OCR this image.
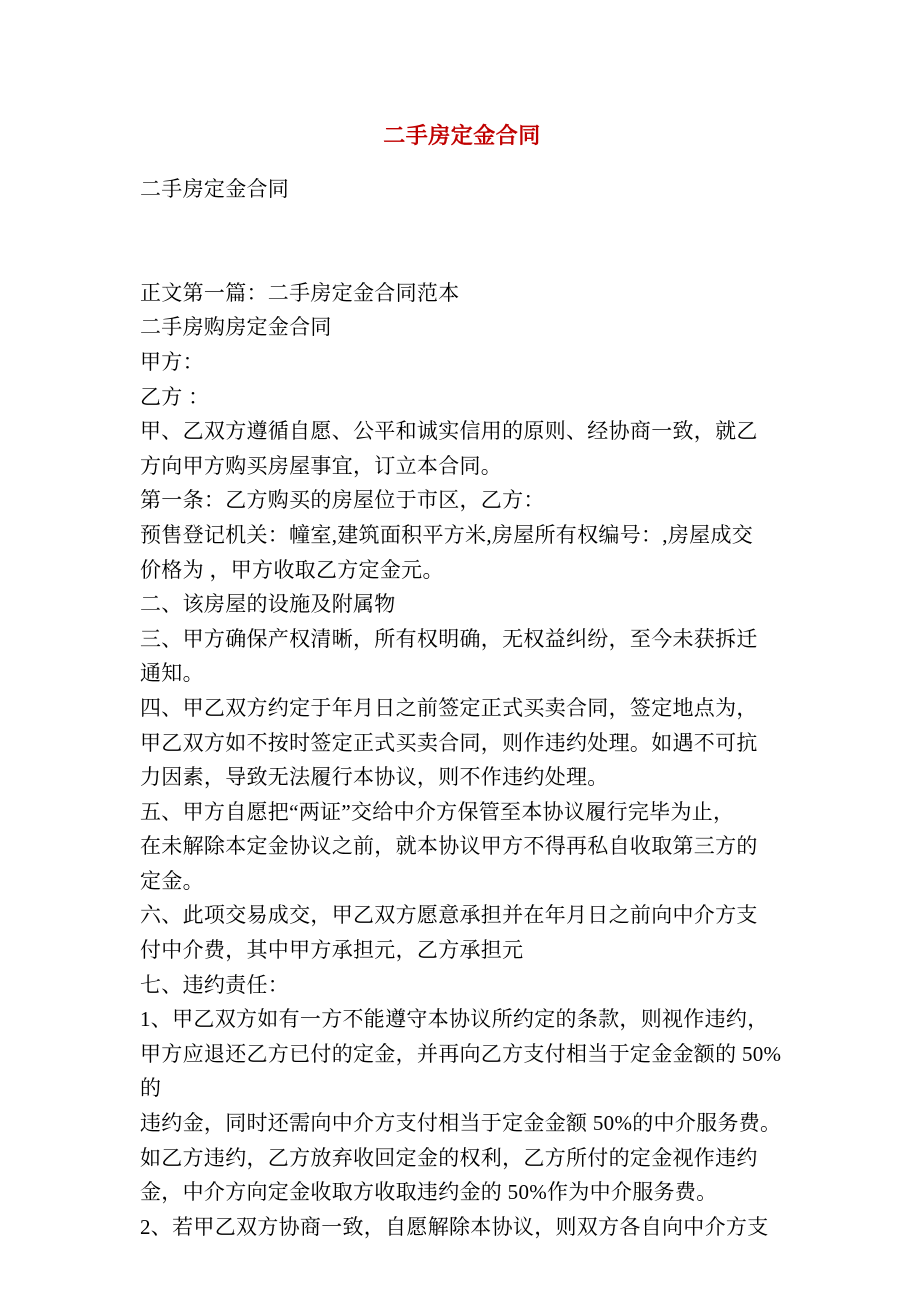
二手房定金合同
二手房定金合同
正文第一篇：二手房定金合同范本
二手房购房定金合同
甲方：
乙方 ：
甲、乙双方遵循自愿、公平和诚实信用的原则、经协商一致，就乙
方向甲方购买房屋事宜，订立本合同。
第一条：乙方购买的房屋位于市区，乙方：
预售登记机关：幢室,建筑面积平方米,房屋所有权编号：,房屋成交
价格为 ，甲方收取乙方定金元。
二、该房屋的设施及附属物
三、甲方确保产权清晰，所有权明确，无权益纠纷，至今未获拆迁
通知。
四、甲乙双方约定于年月日之前签定正式买卖合同，签定地点为，
甲乙双方如不按时签定正式买卖合同，则作违约处理。如遇不可抗
力因素，导致无法履行本协议，则不作违约处理。
五、甲方自愿把“两证”交给中介方保管至本协议履行完毕为止，
在未解除本定金协议之前，就本协议甲方不得再私自收取第三方的
定金。
六、此项交易成交，甲乙双方愿意承担并在年月日之前向中介方支
付中介费，其中甲方承担元，乙方承担元
七、违约责任：
1、甲乙双方如有一方不能遵守本协议所约定的条款，则视作违约，
甲方应退还乙方已付的定金，并再向乙方支付相当于定金金额的 50%的
违约金，同时还需向中介方支付相当于定金金额 50%的中介服务费。
如乙方违约，乙方放弃收回定金的权利，乙方所付的定金视作违约
金，中介方向定金收取方收取违约金的 50%作为中介服务费。
2、若甲乙双方协商一致，自愿解除本协议，则双方各自向中介方支
